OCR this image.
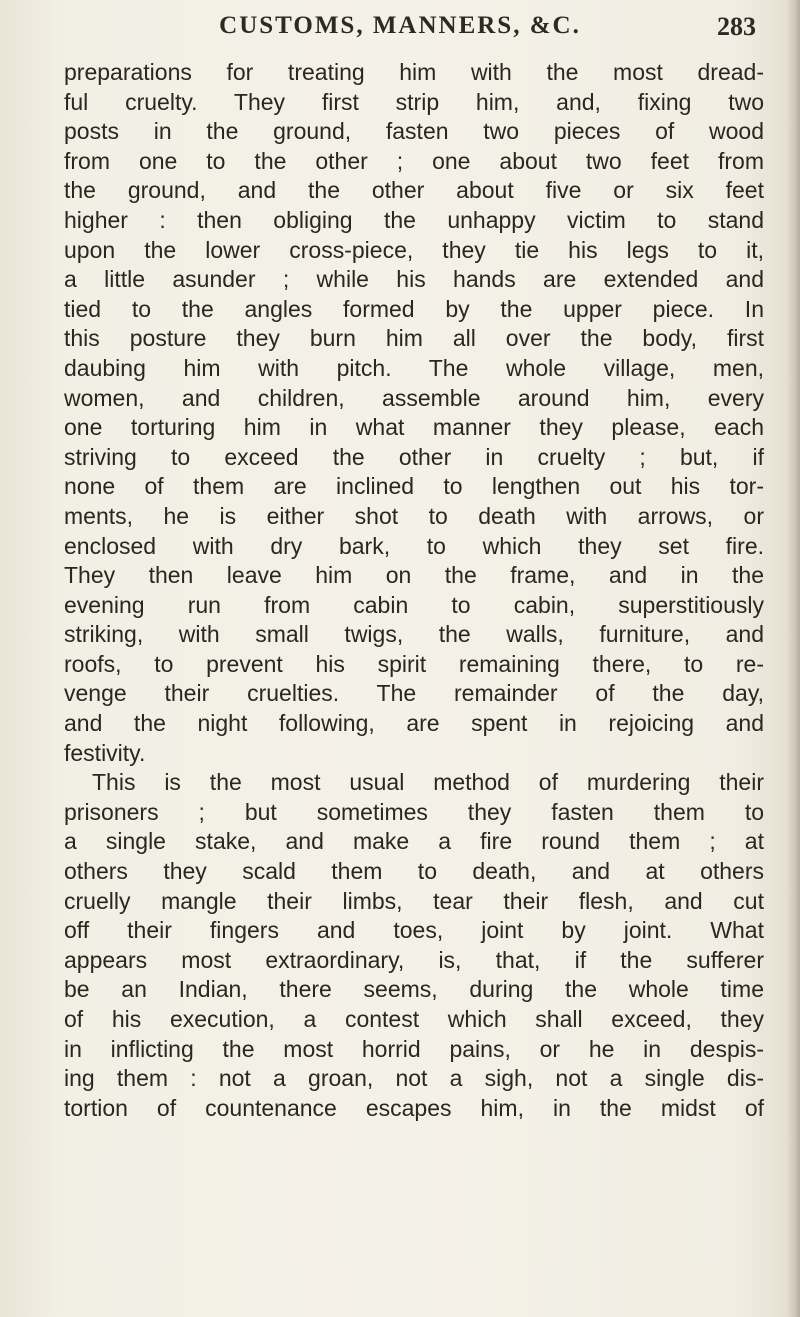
CUSTOMS, MANNERS, &C.	283
preparations for treating him with the most dread-
ful cruelty. They first strip him, and, fixing two
posts in the ground, fasten two pieces of wood
from one to the other ; one about two feet from
the ground, and the other about five or six feet
higher : then obliging the unhappy victim to stand
upon the lower cross-piece, they tie his legs to it,
a little asunder ; while his hands are extended and
tied to the angles formed by the upper piece. In
this posture they burn him all over the body, first
daubing him with pitch. The whole village, men,
women, and children, assemble around him, every
one torturing him in what manner they please, each
striving to exceed the other in cruelty ; but, if
none of them are inclined to lengthen out his tor-
ments, he is either shot to death with arrows, or
enclosed with dry bark, to which they set fire.
They then leave him on the frame, and in the
evening run from cabin to cabin, superstitiously
striking, with small twigs, the walls, furniture, and
roofs, to prevent his spirit remaining there, to re-
venge their cruelties. The remainder of the day,
and the night following, are spent in rejoicing and
festivity.
This is the most usual method of murdering their
prisoners ; but sometimes they fasten them to
a single stake, and make a fire round them ; at
others they scald them to death, and at others
cruelly mangle their limbs, tear their flesh, and cut
off their fingers and toes, joint by joint. What
appears most extraordinary, is, that, if the sufferer
be an Indian, there seems, during the whole time
of his execution, a contest which shall exceed, they
in inflicting the most horrid pains, or he in despis-
ing them : not a groan, not a sigh, not a single dis-
tortion of countenance escapes him, in the midst of
